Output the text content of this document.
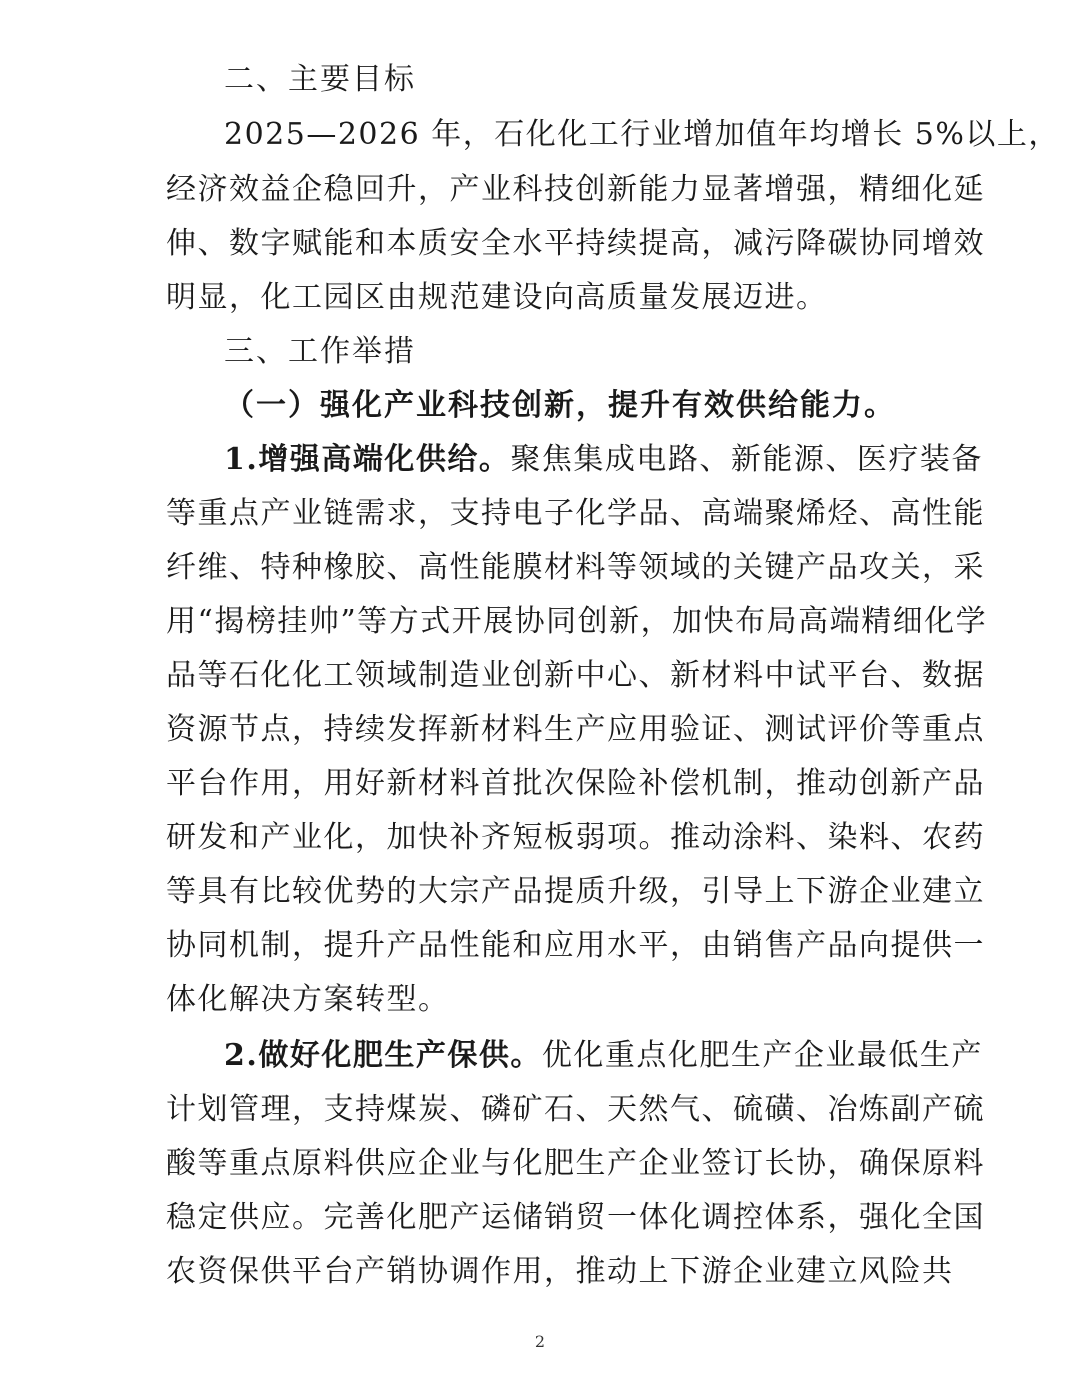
二、主要目标
2025—2026 年，石化化工行业增加值年均增长 5%以上，
经济效益企稳回升，产业科技创新能力显著增强，精细化延
伸、数字赋能和本质安全水平持续提高，减污降碳协同增效
明显，化工园区由规范建设向高质量发展迈进。
三、工作举措
（一）强化产业科技创新，提升有效供给能力。
1.增强高端化供给。聚焦集成电路、新能源、医疗装备
等重点产业链需求，支持电子化学品、高端聚烯烃、高性能
纤维、特种橡胶、高性能膜材料等领域的关键产品攻关，采
用“揭榜挂帅”等方式开展协同创新，加快布局高端精细化学
品等石化化工领域制造业创新中心、新材料中试平台、数据
资源节点，持续发挥新材料生产应用验证、测试评价等重点
平台作用，用好新材料首批次保险补偿机制，推动创新产品
研发和产业化，加快补齐短板弱项。推动涂料、染料、农药
等具有比较优势的大宗产品提质升级，引导上下游企业建立
协同机制，提升产品性能和应用水平，由销售产品向提供一
体化解决方案转型。
2.做好化肥生产保供。优化重点化肥生产企业最低生产
计划管理，支持煤炭、磷矿石、天然气、硫磺、冶炼副产硫
酸等重点原料供应企业与化肥生产企业签订长协，确保原料
稳定供应。完善化肥产运储销贸一体化调控体系，强化全国
农资保供平台产销协调作用，推动上下游企业建立风险共
2
